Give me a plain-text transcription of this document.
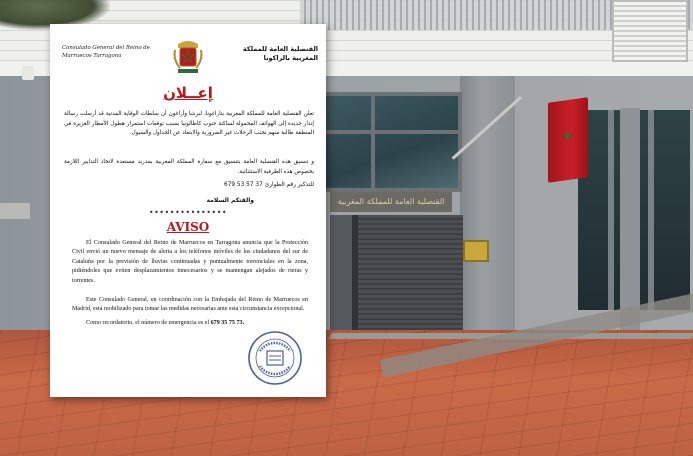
القنصلية العامة للمملكة المغربية
★
Consulado General del Reino de Marruecos Tarragona
القنصلية العامة للمملكة المغربية بالراكونا
إعــلان
تعلن القنصلية العامة للمملكة المغربية بتاراغونا، لبرشا وأراغون أن سلطات الوقاية المدنية قد أرسلت رسالة إنذار جديدة إلى الهواتف المحمولة لساكنة جنوب كاطالونيا بسبب توقعات استمرار هطول الأمطار الغزيرة في المنطقة طالبة منهم تجنب الرحلات غير الضرورية والابتعاد عن الجداول والسيول.
و تنسيق هذه القنصلية العامة بتنسيق مع سفارة المملكة المغربية بمدريد مستعدة لاتخاذ التدابير اللازمة بخصوص هذه الظرفية الاستثنائية.
للتذكير رقم الطوارئ 37 57 53 679
والقتكم السلامة
•••••••••••••••
AVISO
El Consulado General del Reino de Marruecos en Tarragona anuncia que la Protección Civil envió un nuevo mensaje de alerta a los teléfonos móviles de los ciudadanos del sur de Cataluña por la previsión de lluvias continuadas y puntualmente torrenciales en la zona, pidiéndoles que eviten desplazamientos innecesarios y se mantengan alejados de rieras y torrentes.
Este Consulado General, en coordinación con la Embajada del Reino de Marruecos en Madrid, está mobilizado para tomar las medidas necesarias ante esta circunstancia excepcional.
Como recordatorio, el número de emergencia es el 679 35 75 73.
